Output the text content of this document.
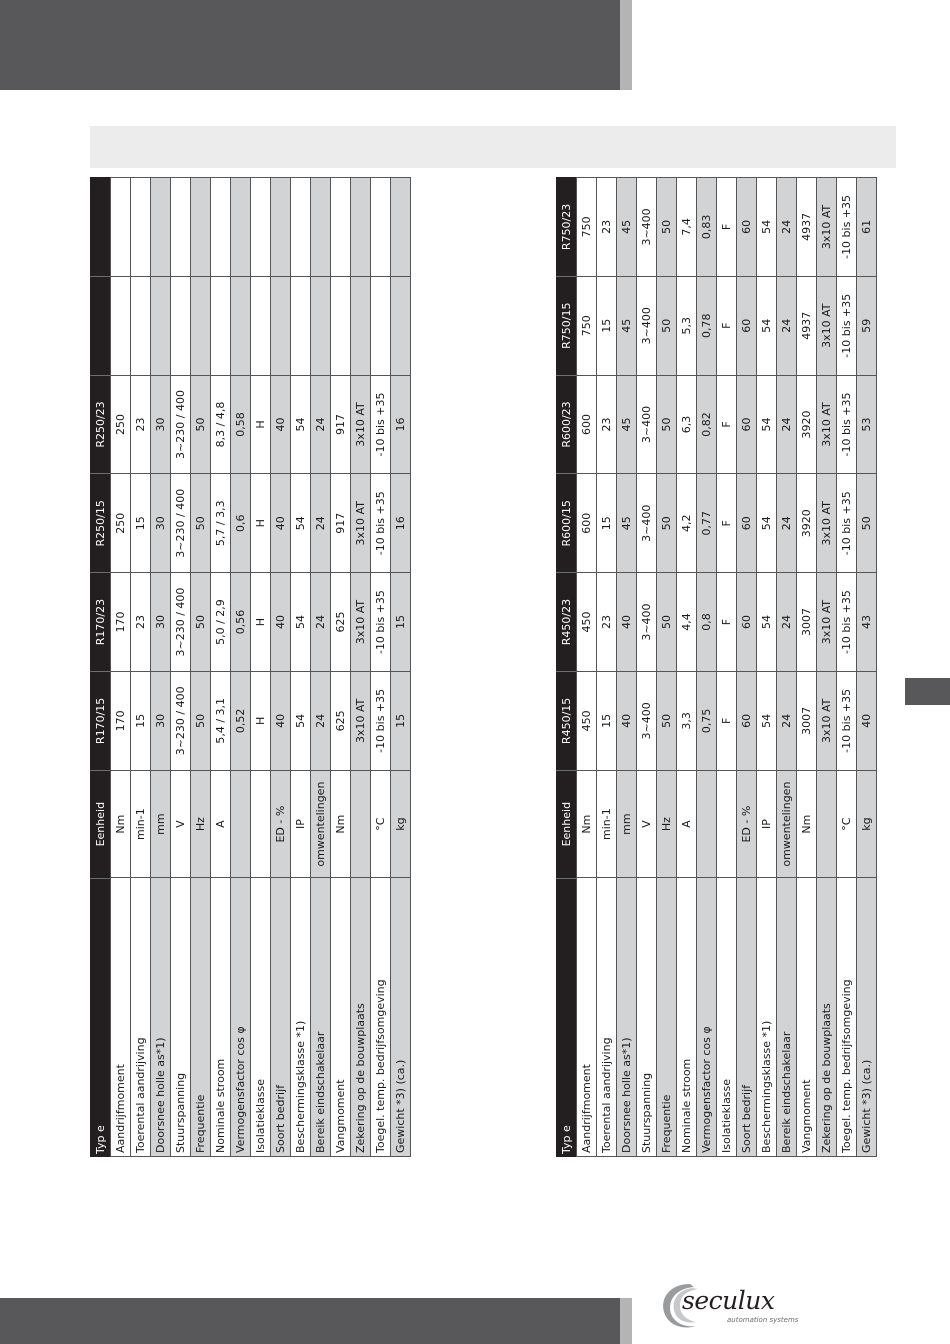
Typ e
Eenheid
R170/15
R170/23
R250/15
R250/23
Aandrijfmoment
Nm
170
170
250
250
Toerental aandrijving
min-1
15
23
15
23
Doorsnee holle as*1)
mm
30
30
30
30
Stuurspanning
V
3~230 / 400
3~230 / 400
3~230 / 400
3~230 / 400
Frequentie
Hz
50
50
50
50
Nominale stroom
A
5,4 / 3,1
5,0 / 2,9
5,7 / 3,3
8,3 / 4,8
Vermogensfactor cos φ
0,52
0,56
0,6
0,58
Isolatieklasse
H
H
H
H
Soort bedrijf
ED - %
40
40
40
40
Beschermingsklasse *1)
IP
54
54
54
54
Bereik eindschakelaar
omwentelingen
24
24
24
24
Vangmoment
Nm
625
625
917
917
Zekering op de bouwplaats
3x10 AT
3x10 AT
3x10 AT
3x10 AT
Toegel. temp. bedrijfsomgeving
°C
-10 bis +35
-10 bis +35
-10 bis +35
-10 bis +35
Gewicht *3) (ca.)
kg
15
15
16
16
Typ e
Eenheid
R450/15
R450/23
R600/15
R600/23
R750/15
R750/23
Aandrijfmoment
Nm
450
450
600
600
750
750
Toerental aandrijving
min-1
15
23
15
23
15
23
Doorsnee holle as*1)
mm
40
40
45
45
45
45
Stuurspanning
V
3~400
3~400
3~400
3~400
3~400
3~400
Frequentie
Hz
50
50
50
50
50
50
Nominale stroom
A
3,3
4,4
4,2
6,3
5,3
7,4
Vermogensfactor cos φ
0,75
0,8
0,77
0,82
0,78
0,83
Isolatieklasse
F
F
F
F
F
F
Soort bedrijf
ED - %
60
60
60
60
60
60
Beschermingsklasse *1)
IP
54
54
54
54
54
54
Bereik eindschakelaar
omwentelingen
24
24
24
24
24
24
Vangmoment
Nm
3007
3007
3920
3920
4937
4937
Zekering op de bouwplaats
3x10 AT
3x10 AT
3x10 AT
3x10 AT
3x10 AT
3x10 AT
Toegel. temp. bedrijfsomgeving
°C
-10 bis +35
-10 bis +35
-10 bis +35
-10 bis +35
-10 bis +35
-10 bis +35
Gewicht *3) (ca.)
kg
40
43
50
53
59
61
seculux
automation systems
